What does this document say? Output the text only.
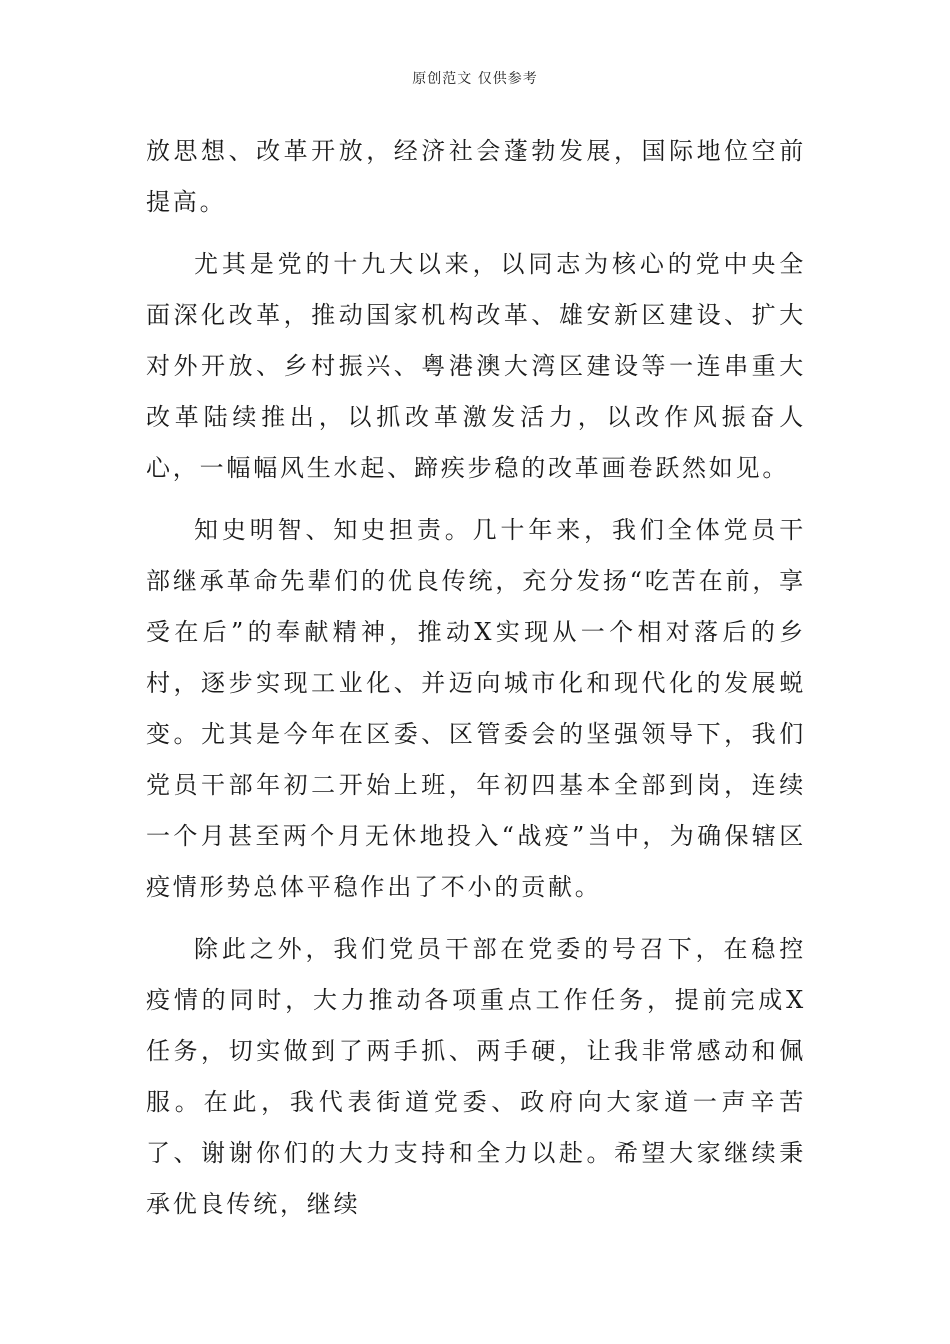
原创范文 仅供参考

放思想、改革开放，经济社会蓬勃发展，国际地位空前提高。

尤其是党的十九大以来，以同志为核心的党中央全面深化改革，推动国家机构改革、雄安新区建设、扩大对外开放、乡村振兴、粤港澳大湾区建设等一连串重大改革陆续推出，以抓改革激发活力，以改作风振奋人心，一幅幅风生水起、蹄疾步稳的改革画卷跃然如见。

知史明智、知史担责。几十年来，我们全体党员干部继承革命先辈们的优良传统，充分发扬“吃苦在前，享受在后”的奉献精神，推动X实现从一个相对落后的乡村，逐步实现工业化、并迈向城市化和现代化的发展蜕变。尤其是今年在区委、区管委会的坚强领导下，我们党员干部年初二开始上班，年初四基本全部到岗，连续一个月甚至两个月无休地投入“战疫”当中，为确保辖区疫情形势总体平稳作出了不小的贡献。

除此之外，我们党员干部在党委的号召下，在稳控疫情的同时，大力推动各项重点工作任务，提前完成X任务，切实做到了两手抓、两手硬，让我非常感动和佩服。在此，我代表街道党委、政府向大家道一声辛苦了、谢谢你们的大力支持和全力以赴。希望大家继续秉承优良传统，继续
